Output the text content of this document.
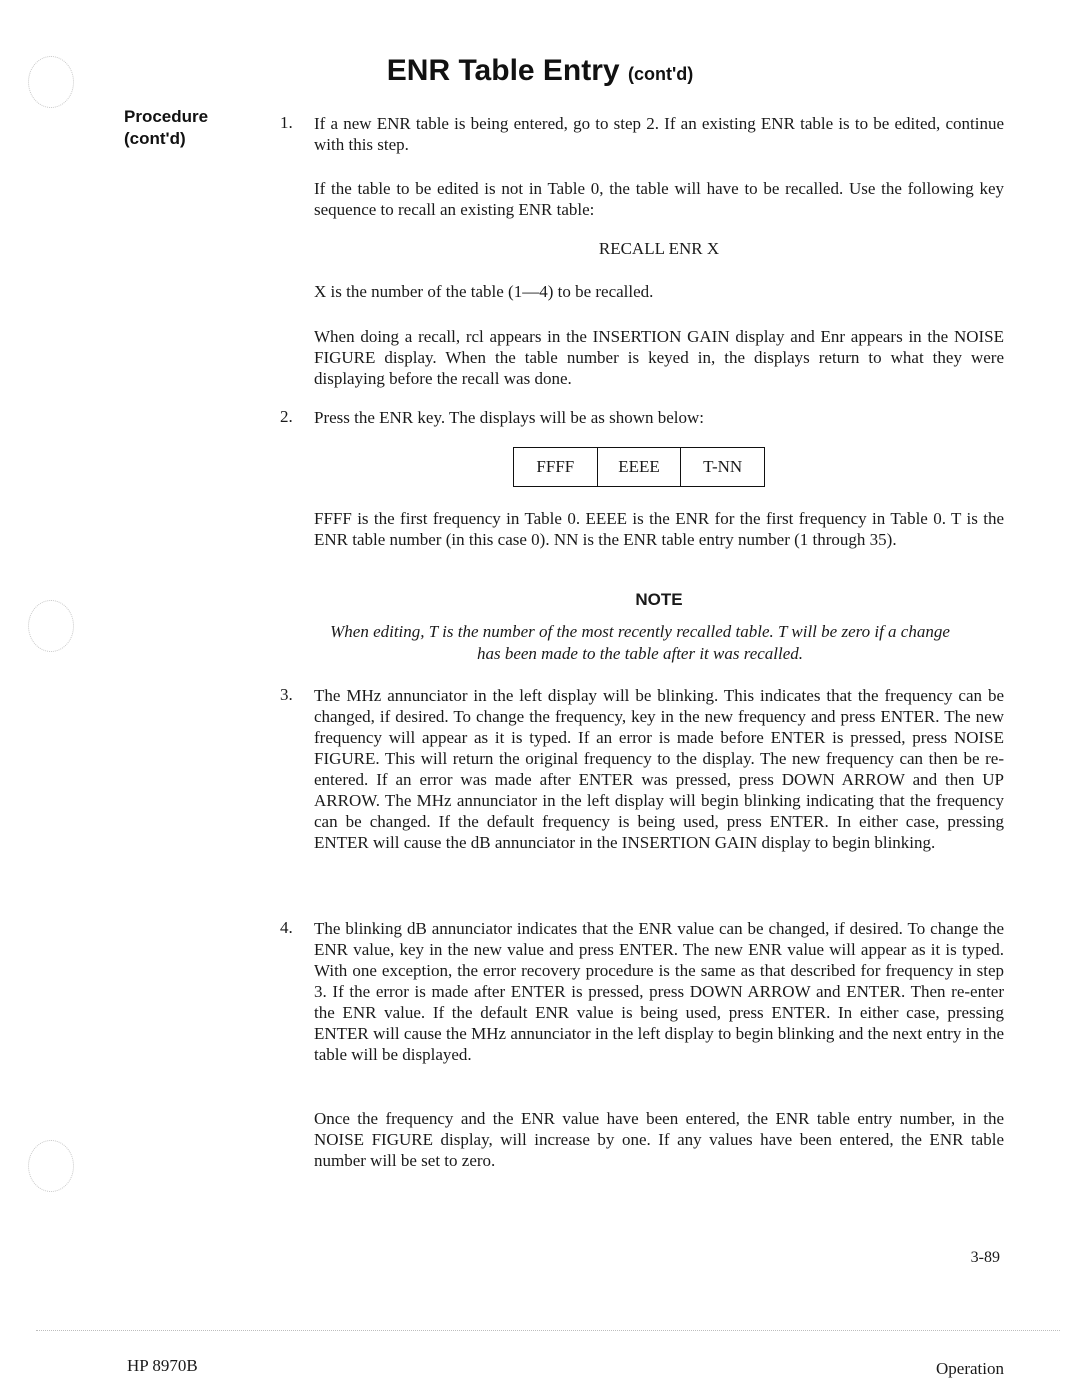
ENR Table Entry (cont'd)
Procedure
(cont'd)
1. If a new ENR table is being entered, go to step 2. If an existing ENR table is to be edited, continue with this step.

If the table to be edited is not in Table 0, the table will have to be recalled. Use the following key sequence to recall an existing ENR table:

RECALL ENR X

X is the number of the table (1—4) to be recalled.

When doing a recall, rcl appears in the INSERTION GAIN display and Enr appears in the NOISE FIGURE display. When the table number is keyed in, the displays return to what they were displaying before the recall was done.

2. Press the ENR key. The displays will be as shown below:

FFFF	EEEE	T-NN

FFFF is the first frequency in Table 0. EEEE is the ENR for the first frequency in Table 0. T is the ENR table number (in this case 0). NN is the ENR table entry number (1 through 35).

NOTE

When editing, T is the number of the most recently recalled table. T will be zero if a change has been made to the table after it was recalled.

3. The MHz annunciator in the left display will be blinking. This indicates that the frequency can be changed, if desired. To change the frequency, key in the new frequency and press ENTER. The new frequency will appear as it is typed. If an error is made before ENTER is pressed, press NOISE FIGURE. This will return the original frequency to the display. The new frequency can then be re-entered. If an error was made after ENTER was pressed, press DOWN ARROW and then UP ARROW. The MHz annunciator in the left display will begin blinking indicating that the frequency can be changed. If the default frequency is being used, press ENTER. In either case, pressing ENTER will cause the dB annunciator in the INSERTION GAIN display to begin blinking.

4. The blinking dB annunciator indicates that the ENR value can be changed, if desired. To change the ENR value, key in the new value and press ENTER. The new ENR value will appear as it is typed. With one exception, the error recovery procedure is the same as that described for frequency in step 3. If the error is made after ENTER is pressed, press DOWN ARROW and ENTER. Then re-enter the ENR value. If the default ENR value is being used, press ENTER. In either case, pressing ENTER will cause the MHz annunciator in the left display to begin blinking and the next entry in the table will be displayed.

Once the frequency and the ENR value have been entered, the ENR table entry number, in the NOISE FIGURE display, will increase by one. If any values have been entered, the ENR table number will be set to zero.

3-89
HP 8970B	Operation
